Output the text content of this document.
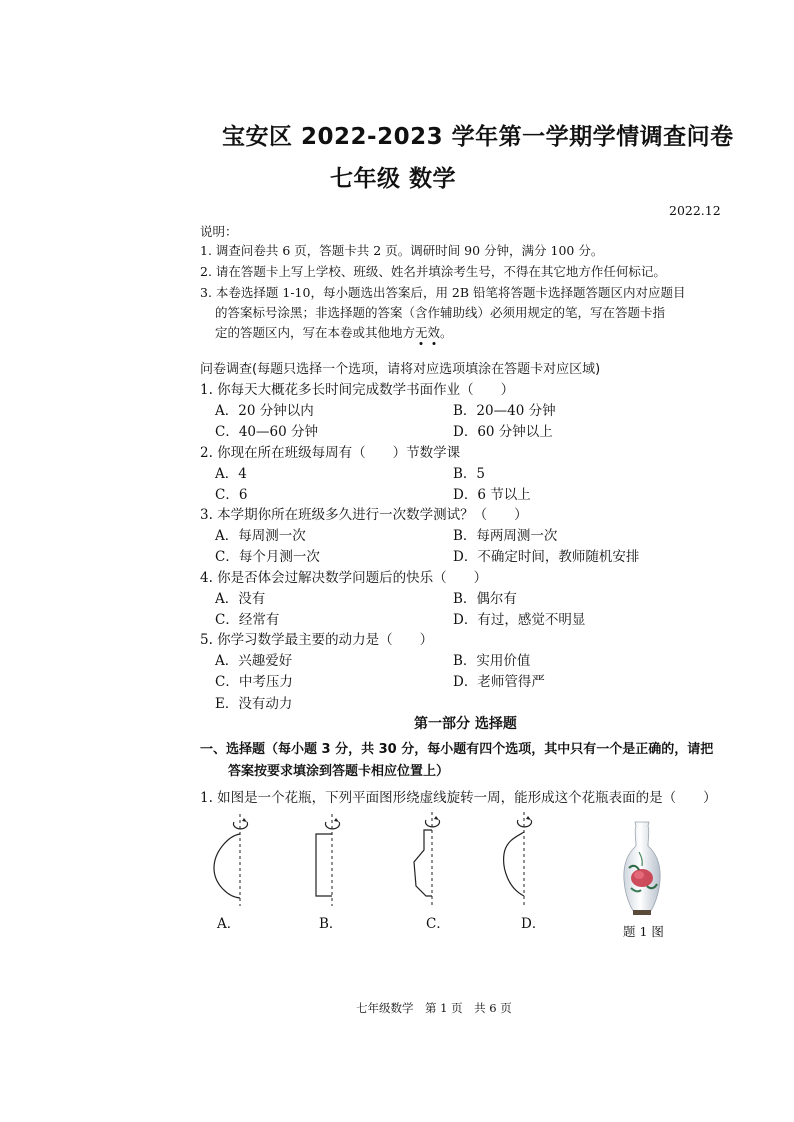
宝安区 2022-2023 学年第一学期学情调查问卷
七年级 数学
2022.12
说明：
1. 调查问卷共 6 页，答题卡共 2 页。调研时间 90 分钟，满分 100 分。
2. 请在答题卡上写上学校、班级、姓名并填涂考生号，不得在其它地方作任何标记。
3. 本卷选择题 1-10，每小题选出答案后，用 2B 铅笔将答题卡选择题答题区内对应题目
的答案标号涂黑；非选择题的答案（含作辅助线）必须用规定的笔，写在答题卡指
定的答题区内，写在本卷或其他地方无效。
问卷调查(每题只选择一个选项，请将对应选项填涂在答题卡对应区域)
1. 你每天大概花多长时间完成数学书面作业（　　）
A．20 分钟以内	B．20—40 分钟
C．40—60 分钟	D．60 分钟以上
2. 你现在所在班级每周有（　　）节数学课
A．4	B．5
C．6	D．6 节以上
3. 本学期你所在班级多久进行一次数学测试？（　　）
A．每周测一次	B．每两周测一次
C．每个月测一次	D．不确定时间，教师随机安排
4. 你是否体会过解决数学问题后的快乐（　　）
A．没有	B．偶尔有
C．经常有	D．有过，感觉不明显
5. 你学习数学最主要的动力是（　　）
A．兴趣爱好	B．实用价值
C．中考压力	D．老师管得严
E．没有动力
第一部分 选择题
一、选择题（每小题 3 分，共 30 分，每小题有四个选项，其中只有一个是正确的，请把
答案按要求填涂到答题卡相应位置上）
1. 如图是一个花瓶，下列平面图形绕虚线旋转一周，能形成这个花瓶表面的是（　　）
A．	B．	C．	D．	题 1 图
七年级数学　第 1 页　共 6 页
